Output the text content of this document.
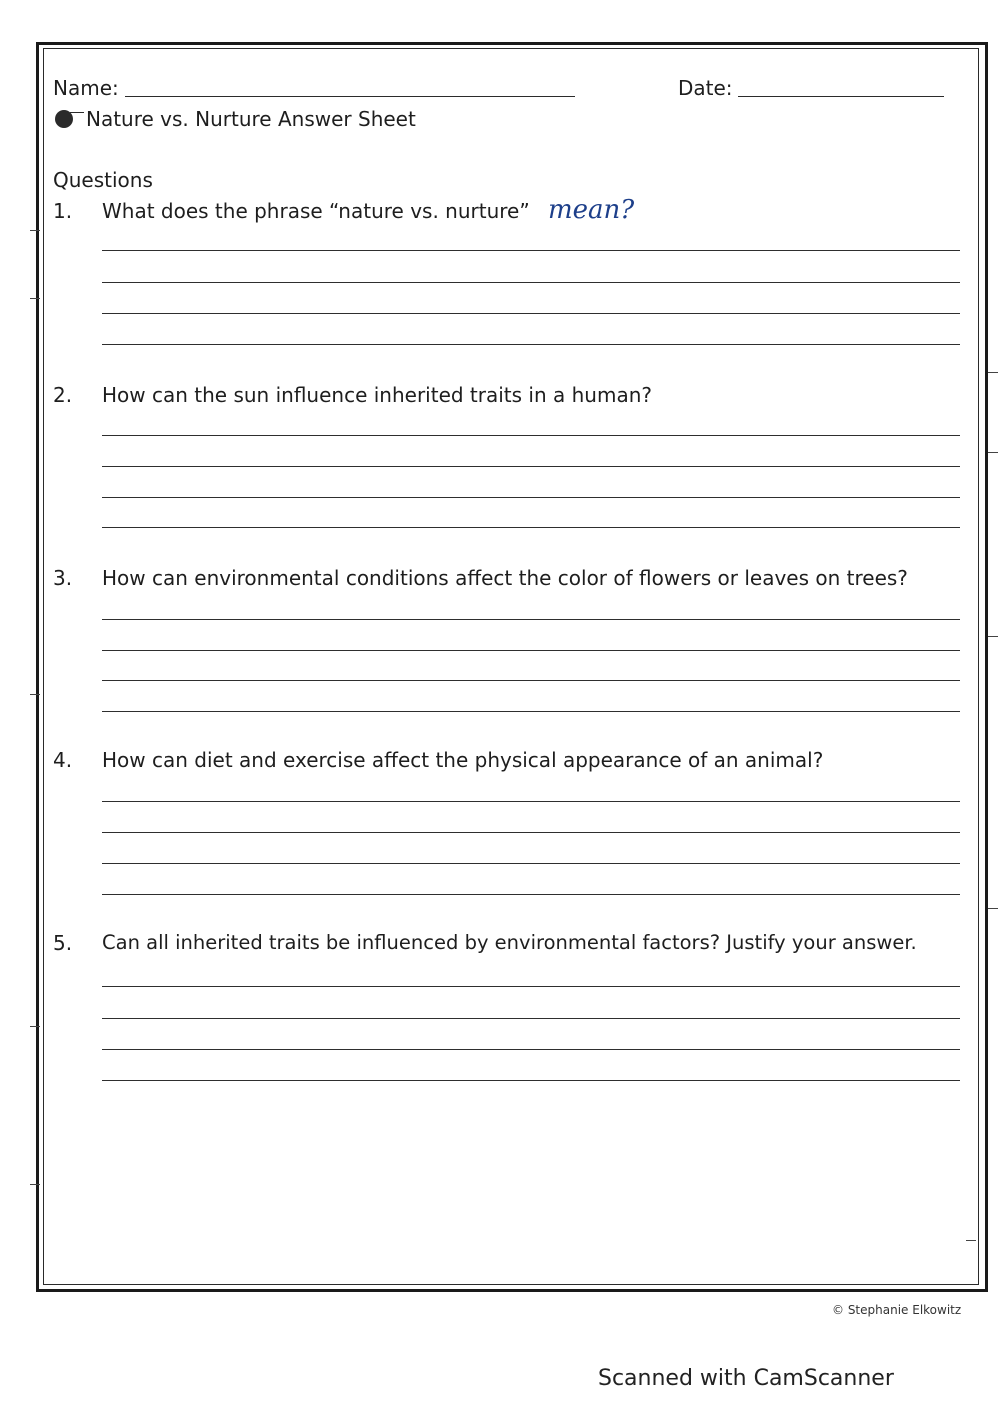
Name:	Date:
Nature vs. Nurture Answer Sheet
Questions
1. What does the phrase “nature vs. nurture” mean?
2. How can the sun influence inherited traits in a human?
3. How can environmental conditions affect the color of flowers or leaves on trees?
4. How can diet and exercise affect the physical appearance of an animal?
5. Can all inherited traits be influenced by environmental factors? Justify your answer.
© Stephanie Elkowitz
Scanned with CamScanner
